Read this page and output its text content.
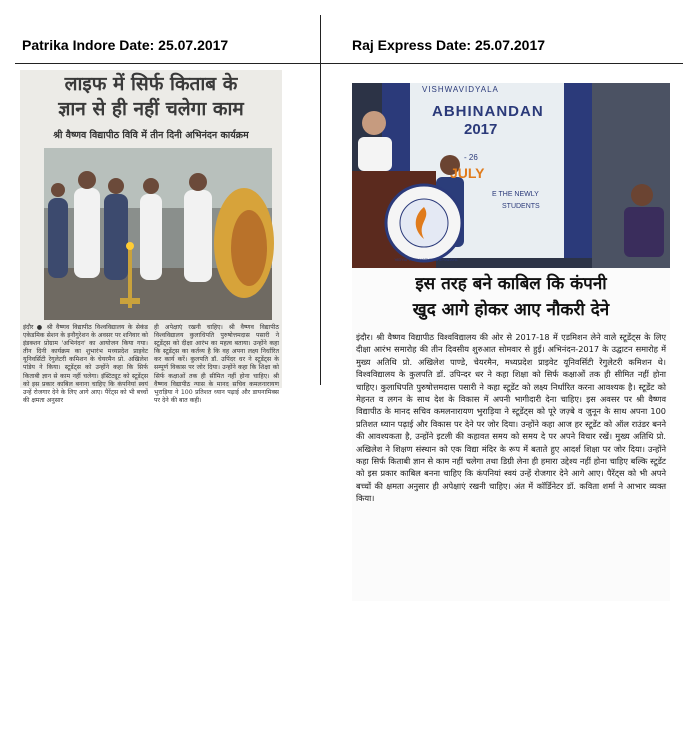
Patrika Indore Date: 25.07.2017	Raj Express Date: 25.07.2017
लाइफ में सिर्फ किताब के
ज्ञान से ही नहीं चलेगा काम
श्री वैष्णव विद्यापीठ विवि में तीन दिनी अभिनंदन कार्यक्रम
इंदौर ● श्री वैष्णव विद्यापीठ विश्वविद्यालय के सेकंड एकेडमिक सेशन के इनौगुरेशन के अवसर पर शनिवार को इंडक्शन प्रोग्राम 'अभिनंदन' का आयोजन किया गया। तीन दिनी कार्यक्रम का शुभारंभ मध्यप्रदेश प्राइवेट यूनिवर्सिटी रेगुलेटरी कमिशन के चेयरमैन प्रो. अखिलेश पांडेय ने किया। स्टूडेंट्स को उन्होंने कहा कि सिर्फ किताबी ज्ञान से काम नहीं चलेगा। इंस्टिट्यूट को स्टूडेंट्स को इस प्रकार काबिल बनाना चाहिए कि कंपनियां स्वयं उन्हें रोजगार देने के लिए आगे आए। पैरेंट्स को भी बच्चों की क्षमता अनुसार
ही अपेक्षाएं रखनी चाहिए। श्री वैष्णव विद्यापीठ विश्वविद्यालय कुलाधिपति पुरुषोत्तमदास पसारी ने स्टूडेंट्स को दीक्षा आरंभ का महत्व बताया। उन्होंने कहा कि स्टूडेंट्स का कर्तव्य है कि वह अपना लक्ष्य निर्धारित कर कार्य करें। कुलपति डॉ. उपिंदर धर ने स्टूडेंट्स के सम्पूर्ण विकास पर जोर दिया। उन्होंने कहा कि शिक्षा को सिर्फ कक्षाओं तक ही सीमित नहीं होना चाहिए। श्री वैष्णव विद्यापीठ न्यास के मानद सचिव कमलनारायण भुराड़िया ने 100 प्रतिशत ध्यान पढ़ाई और डायनामिक्स पर देने की बात कही।
VISHWAVIDYALA
ABHINANDAN
2017
- 26
JULY
E THE NEWLY
STUDENTS
VIDYAPEETH VISHWAVIDYALAYA
इस तरह बने काबिल कि कंपनी
खुद आगे होकर आए नौकरी देने
इंदौर। श्री वैष्णव विद्यापीठ विश्वविद्यालय की ओर से 2017-18 में एडमिशन लेने वाले स्टूडेंट्स के लिए दीक्षा आरंभ समारोह की तीन दिवसीय शुरुआत सोमवार से हुई। अभिनंदन-2017 के उद्घाटन समारोह में मुख्य अतिथि प्रो. अखिलेश पाण्डे, चेयरमैन, मध्यप्रदेश प्राइवेट यूनिवर्सिटी रेगुलेटरी कमिशन थे। विश्वविद्यालय के कुलपति डॉ. उपिन्दर धर ने कहा शिक्षा को सिर्फ कक्षाओं तक ही सीमित नहीं होना चाहिए। कुलाधिपति पुरुषोत्तमदास पसारी ने कहा स्टूडेंट को लक्ष्य निर्धारित करना आवश्यक है। स्टूडेंट को मेहनत व लगन के साथ देश के विकास में अपनी भागीदारी देना चाहिए। इस अवसर पर श्री वैष्णव विद्यापीठ के मानद सचिव कमलनारायण भुराड़िया ने स्टूडेंट्स को पूरे जज़्बे व जुनून के साथ अपना 100 प्रतिशत ध्यान पढ़ाई और विकास पर देने पर जोर दिया। उन्होंने कहा आज हर स्टूडेंट को ऑल राउंडर बनने की आवश्यकता है, उन्होंने इटली की कहावत समय को समय दे पर अपने विचार रखें। मुख्य अतिथि प्रो. अखिलेश ने शिक्षण संस्थान को एक विद्या मंदिर के रूप में बताते हुए आदर्श शिक्षा पर जोर दिया। उन्होंने कहा सिर्फ किताबी ज्ञान से काम नहीं चलेगा तथा डिग्री लेना ही हमारा उद्देश्य नहीं होना चाहिए बल्कि स्टूडेंट को इस प्रकार काबिल बनना चाहिए कि कंपनियां स्वयं उन्हें रोजगार देने आगे आए। पैरेंट्स को भी अपने बच्चों की क्षमता अनुसार ही अपेक्षाएं रखनी चाहिए। अंत में कॉर्डिनेटर डॉ. कविता शर्मा ने आभार व्यक्त किया।
